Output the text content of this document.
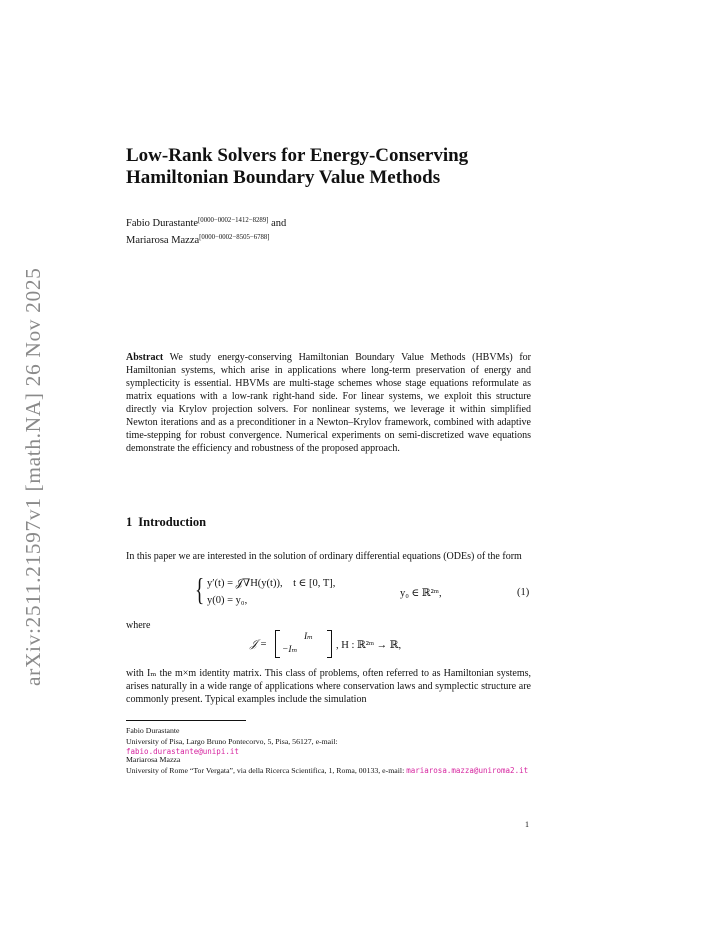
arXiv:2511.21597v1 [math.NA] 26 Nov 2025
Low-Rank Solvers for Energy-Conserving
Hamiltonian Boundary Value Methods
Fabio Durastante[0000−0002−1412−8289] and
Mariarosa Mazza[0000−0002−8505−6788]

Abstract We study energy-conserving Hamiltonian Boundary Value Methods (HBVMs) for Hamiltonian systems, which arise in applications where long-term preservation of energy and symplecticity is essential. HBVMs are multi-stage schemes whose stage equations reformulate as matrix equations with a low-rank right-hand side. For linear systems, we exploit this structure directly via Krylov projection solvers. For nonlinear systems, we leverage it within simplified Newton iterations and as a preconditioner in a Newton–Krylov framework, combined with adaptive time-stepping for robust convergence. Numerical experiments on semi-discretized wave equations demonstrate the efficiency and robustness of the proposed approach.

1 Introduction

In this paper we are interested in the solution of ordinary differential equations (ODEs) of the form

{ y′(t) = 𝒥∇H(y(t)), t ∈ [0, T],
y(0) = y₀,
y₀ ∈ ℝ²ᵐ,	(1)

where

𝒥 =
Iₘ
−Iₘ	, H : ℝ²ᵐ → ℝ,

with Iₘ the m×m identity matrix. This class of problems, often referred to as Hamiltonian systems, arises naturally in a wide range of applications where conservation laws and symplectic structure are commonly present. Typical examples include the simulation

Fabio Durastante
University of Pisa, Largo Bruno Pontecorvo, 5, Pisa, 56127, e-mail:
fabio.durastante@unipi.it

Mariarosa Mazza
University of Rome “Tor Vergata”, via della Ricerca Scientifica, 1, Roma, 00133, e-mail: mariarosa.mazza@uniroma2.it

1
